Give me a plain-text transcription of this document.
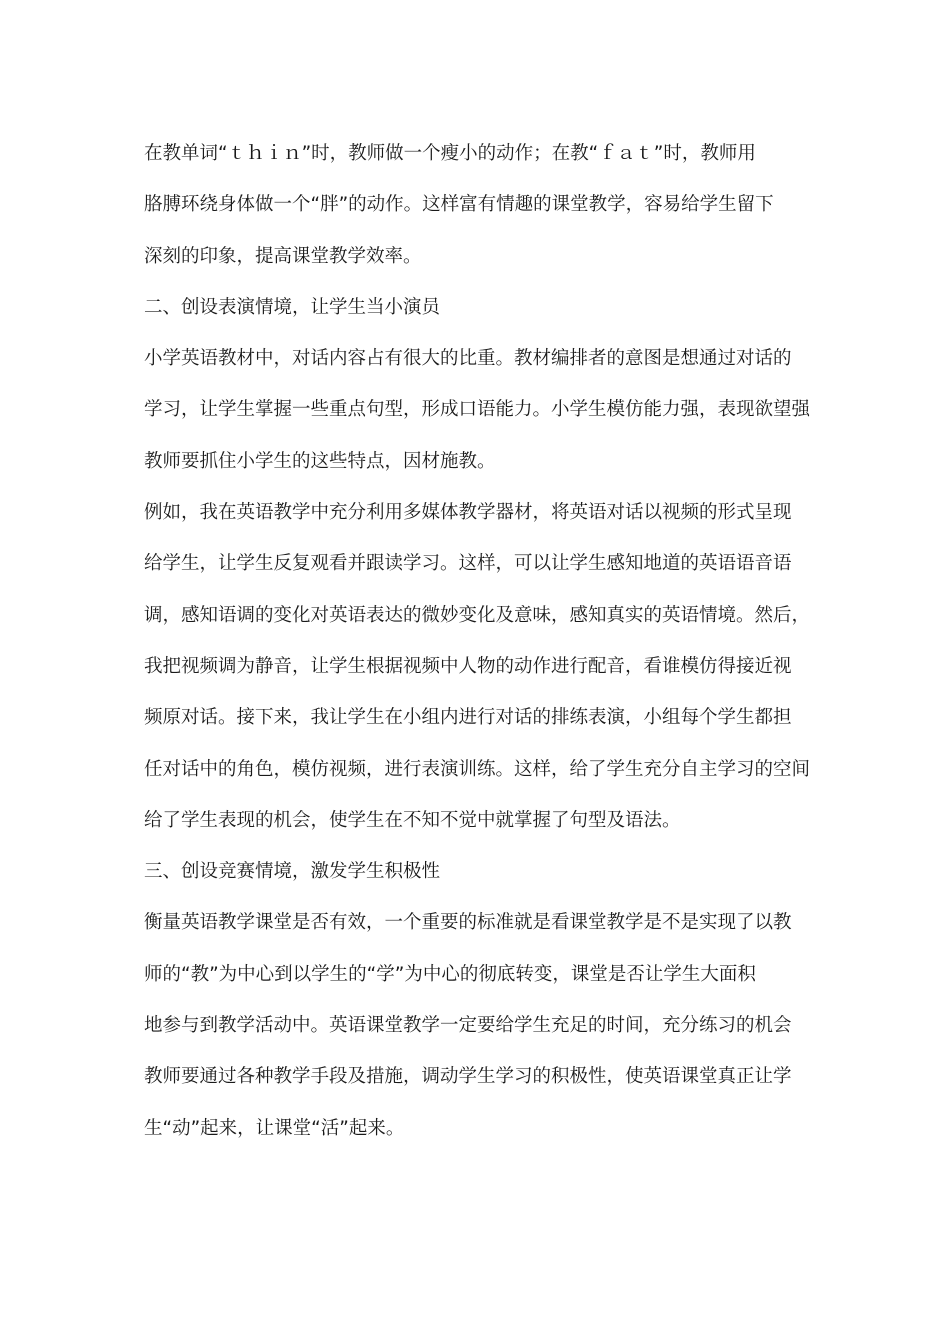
在教单词“ｔｈｉｎ”时，教师做一个瘦小的动作；在教“ｆａｔ”时，教师用
胳膊环绕身体做一个“胖”的动作。这样富有情趣的课堂教学，容易给学生留下
深刻的印象，提高课堂教学效率。
二、创设表演情境，让学生当小演员
小学英语教材中，对话内容占有很大的比重。教材编排者的意图是想通过对话的
学习，让学生掌握一些重点句型，形成口语能力。小学生模仿能力强，表现欲望强
教师要抓住小学生的这些特点，因材施教。
例如，我在英语教学中充分利用多媒体教学器材，将英语对话以视频的形式呈现
给学生，让学生反复观看并跟读学习。这样，可以让学生感知地道的英语语音语
调，感知语调的变化对英语表达的微妙变化及意味，感知真实的英语情境。然后，
我把视频调为静音，让学生根据视频中人物的动作进行配音，看谁模仿得接近视
频原对话。接下来，我让学生在小组内进行对话的排练表演，小组每个学生都担
任对话中的角色，模仿视频，进行表演训练。这样，给了学生充分自主学习的空间
给了学生表现的机会，使学生在不知不觉中就掌握了句型及语法。
三、创设竞赛情境，激发学生积极性
衡量英语教学课堂是否有效，一个重要的标准就是看课堂教学是不是实现了以教
师的“教”为中心到以学生的“学”为中心的彻底转变，课堂是否让学生大面积
地参与到教学活动中。英语课堂教学一定要给学生充足的时间，充分练习的机会
教师要通过各种教学手段及措施，调动学生学习的积极性，使英语课堂真正让学
生“动”起来，让课堂“活”起来。
